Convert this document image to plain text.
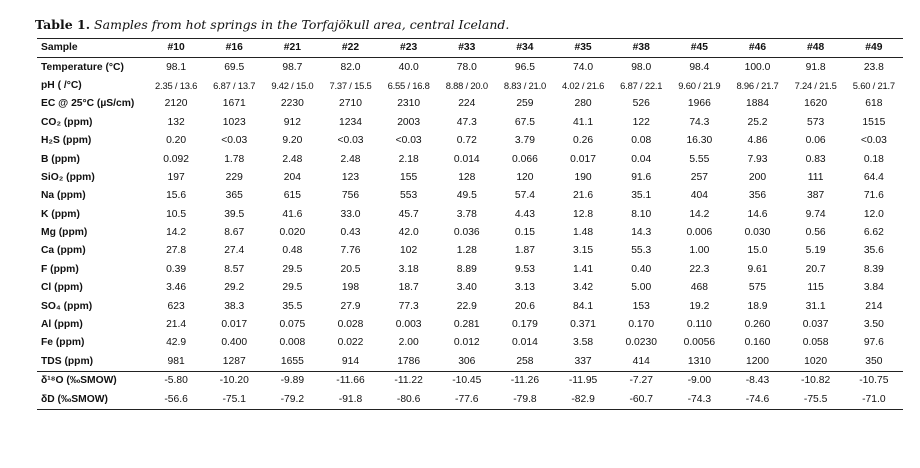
Table 1. Samples from hot springs in the Torfajökull area, central Iceland.
Sample	#10	#16	#21	#22	#23	#33	#34	#35	#38	#45	#46	#48	#49
Temperature (°C)	98.1	69.5	98.7	82.0	40.0	78.0	96.5	74.0	98.0	98.4	100.0	91.8	23.8
pH ( /°C)	2.35 / 13.6	6.87 / 13.7	9.42 / 15.0	7.37 / 15.5	6.55 / 16.8	8.88 / 20.0	8.83 / 21.0	4.02 / 21.6	6.87 / 22.1	9.60 / 21.9	8.96 / 21.7	7.24 / 21.5	5.60 / 21.7
EC @ 25°C (µS/cm)	2120	1671	2230	2710	2310	224	259	280	526	1966	1884	1620	618
CO₂ (ppm)	132	1023	912	1234	2003	47.3	67.5	41.1	122	74.3	25.2	573	1515
H₂S (ppm)	0.20	<0.03	9.20	<0.03	<0.03	0.72	3.79	0.26	0.08	16.30	4.86	0.06	<0.03
B (ppm)	0.092	1.78	2.48	2.48	2.18	0.014	0.066	0.017	0.04	5.55	7.93	0.83	0.18
SiO₂ (ppm)	197	229	204	123	155	128	120	190	91.6	257	200	111	64.4
Na (ppm)	15.6	365	615	756	553	49.5	57.4	21.6	35.1	404	356	387	71.6
K (ppm)	10.5	39.5	41.6	33.0	45.7	3.78	4.43	12.8	8.10	14.2	14.6	9.74	12.0
Mg (ppm)	14.2	8.67	0.020	0.43	42.0	0.036	0.15	1.48	14.3	0.006	0.030	0.56	6.62
Ca (ppm)	27.8	27.4	0.48	7.76	102	1.28	1.87	3.15	55.3	1.00	15.0	5.19	35.6
F (ppm)	0.39	8.57	29.5	20.5	3.18	8.89	9.53	1.41	0.40	22.3	9.61	20.7	8.39
Cl (ppm)	3.46	29.2	29.5	198	18.7	3.40	3.13	3.42	5.00	468	575	115	3.84
SO₄ (ppm)	623	38.3	35.5	27.9	77.3	22.9	20.6	84.1	153	19.2	18.9	31.1	214
Al (ppm)	21.4	0.017	0.075	0.028	0.003	0.281	0.179	0.371	0.170	0.110	0.260	0.037	3.50
Fe (ppm)	42.9	0.400	0.008	0.022	2.00	0.012	0.014	3.58	0.0230	0.0056	0.160	0.058	97.6
TDS (ppm)	981	1287	1655	914	1786	306	258	337	414	1310	1200	1020	350
δ¹⁸O (‰SMOW)	-5.80	-10.20	-9.89	-11.66	-11.22	-10.45	-11.26	-11.95	-7.27	-9.00	-8.43	-10.82	-10.75
δD (‰SMOW)	-56.6	-75.1	-79.2	-91.8	-80.6	-77.6	-79.8	-82.9	-60.7	-74.3	-74.6	-75.5	-71.0
